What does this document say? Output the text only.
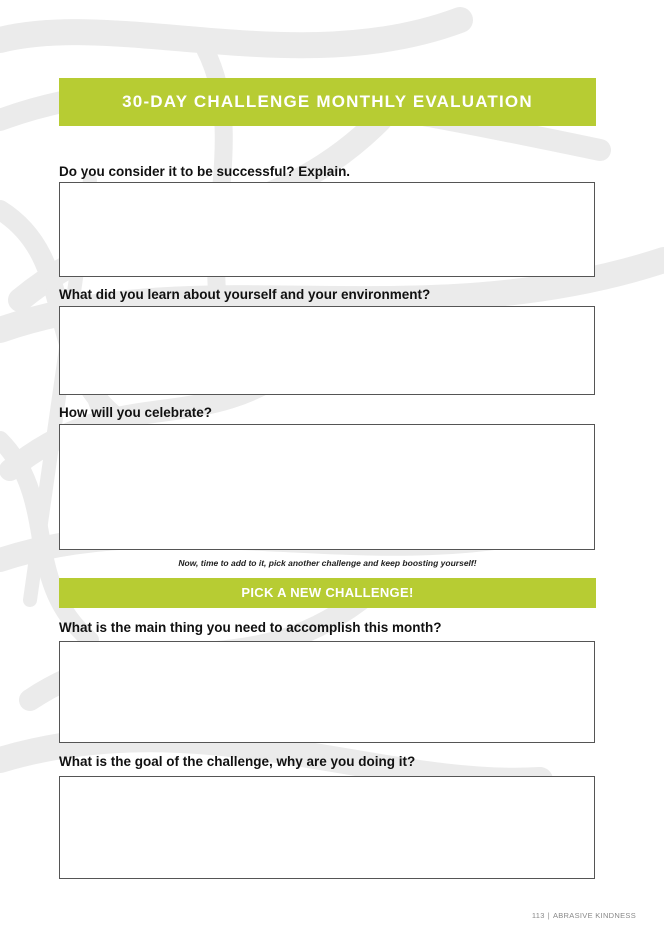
30-DAY CHALLENGE MONTHLY EVALUATION
Do you consider it to be successful? Explain.
What did you learn about yourself and your environment?
How will you celebrate?
Now, time to add to it, pick another challenge and keep boosting yourself!
PICK A NEW CHALLENGE!
What is the main thing you need to accomplish this month?
What is the goal of the challenge, why are you doing it?
113 | ABRASIVE KINDNESS
